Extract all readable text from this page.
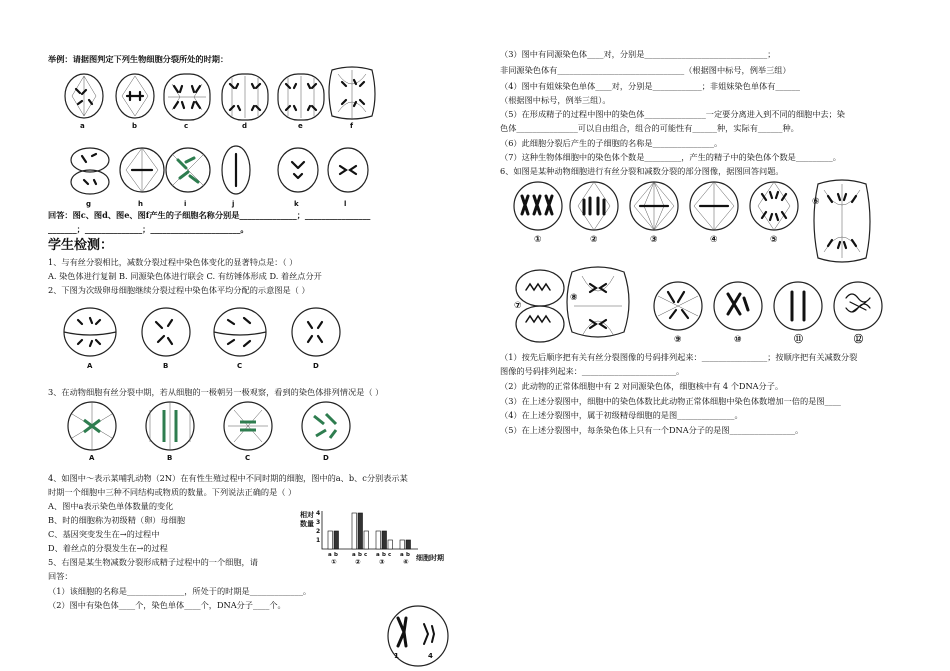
举例：请据图判定下列生物细胞分裂所处的时期：
a	b	c	d	e	f
g	h	i	j	k	l
回答：图c、图d、图e、图f产生的子细胞名称分别是______________；________________
_______；______________；______________________。
学生检测：
1、与有丝分裂相比，减数分裂过程中染色体变化的显著特点是：（ ）
A. 染色体进行复制 B. 同源染色体进行联会 C. 有纺锤体形成 D. 着丝点分开
2、下图为次级卵母细胞继续分裂过程中染色体平均分配的示意图是（ ）
A	B	C	D
3、在动物细胞有丝分裂中期，若从细胞的一极朝另一极观察，看到的染色体排列情况是（ ）
A	B	C	D
4、如图中～表示某哺乳动物（2N）在有性生殖过程中不同时期的细胞，图中的a、b、c分别表示某
时期一个细胞中三种不同结构或物质的数量。下列说法正确的是（ ）
A、图中a表示染色单体数量的变化
B、时的细胞称为初级精（卵）母细胞
C、基因突变发生在→的过程中
D、着丝点的分裂发生在→的过程
相对
数量
细胞时期
4
3
2
1
a b
①
a b c
②
a b c
③
a b
④
5、右图是某生物减数分裂形成精子过程中的一个细胞，请
回答：
（1）该细胞的名称是______________，所处于的时期是_____________。
（2）图中有染色体____个，染色单体____个，DNA分子____个。
1	4
（3）图中有同源染色体____对，分别是______________________________；
非同源染色体有_______________________________（根据图中标号，例举三组）
（4）图中有姐妹染色单体____对，分别是____________；非姐妹染色单体有______
（根据图中标号，例举三组）。
（5）在形成精子的过程中图中的染色体_______________一定要分离进入到不同的细胞中去；染
色体_______________可以自由组合，组合的可能性有______种，实际有______种。
（6）此细胞分裂后产生的子细胞的名称是_______________。
（7）这种生物体细胞中的染色体个数是_________，产生的精子中的染色体个数是_________。
6、如图是某种动物细胞进行有丝分裂和减数分裂的部分图像，据图回答问题。
①	②	③	④	⑤
⑥
⑦
⑧
⑨	⑩	⑪	⑫
（1）按先后顺序把有关有丝分裂图像的号码排列起来：________________；按顺序把有关减数分裂
图像的号码排列起来：_______________________。
（2）此动物的正常体细胞中有 2 对同源染色体，细胞核中有 4 个DNA分子。
（3）在上述分裂图中，细胞中的染色体数比此动物正常体细胞中染色体数增加一倍的是图____
（4）在上述分裂图中，属于初级精母细胞的是图______________。
（5）在上述分裂图中，每条染色体上只有一个DNA分子的是图________________。
